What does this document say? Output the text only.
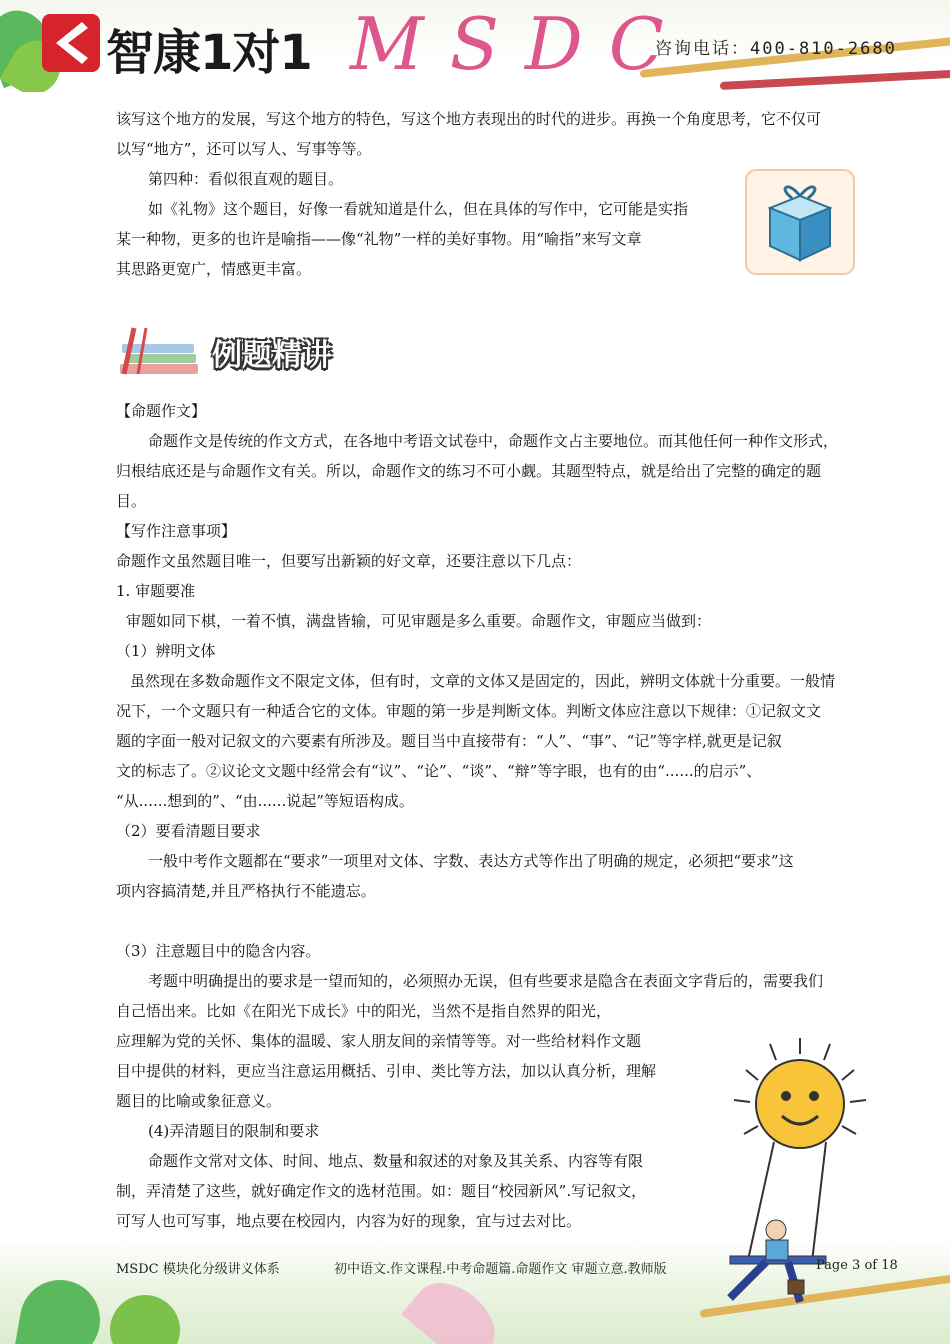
智康1对1 MSDC
咨询电话：400-810-2680

该写这个地方的发展，写这个地方的特色，写这个地方表现出的时代的进步。再换一个角度思考，它不仅可

以写“地方”，还可以写人、写事等等。

第四种：看似很直观的题目。

如《礼物》这个题目，好像一看就知道是什么，但在具体的写作中，它可能是实指

某一种物，更多的也许是喻指——像“礼物”一样的美好事物。用“喻指”来写文章

其思路更宽广，情感更丰富。

例题精讲

【命题作文】

命题作文是传统的作文方式，在各地中考语文试卷中，命题作文占主要地位。而其他任何一种作文形式，

归根结底还是与命题作文有关。所以，命题作文的练习不可小觑。其题型特点，就是给出了完整的确定的题

目。

【写作注意事项】

命题作文虽然题目唯一，但要写出新颖的好文章，还要注意以下几点：

1. 审题要准

审题如同下棋，一着不慎，满盘皆输，可见审题是多么重要。命题作文，审题应当做到：

（1）辨明文体

虽然现在多数命题作文不限定文体，但有时，文章的文体又是固定的，因此，辨明文体就十分重要。一般情

况下，一个文题只有一种适合它的文体。审题的第一步是判断文体。判断文体应注意以下规律：①记叙文文

题的字面一般对记叙文的六要素有所涉及。题目当中直接带有：“人”、“事”、“记”等字样,就更是记叙

文的标志了。②议论文文题中经常会有“议”、“论”、“谈”、“辩”等字眼，也有的由“......的启示”、

“从......想到的”、“由......说起”等短语构成。

（2）要看清题目要求

一般中考作文题都在“要求”一项里对文体、字数、表达方式等作出了明确的规定，必须把“要求”这

项内容搞清楚,并且严格执行不能遗忘。

（3）注意题目中的隐含内容。

考题中明确提出的要求是一望而知的，必须照办无误，但有些要求是隐含在表面文字背后的，需要我们

自己悟出来。比如《在阳光下成长》中的阳光，当然不是指自然界的阳光，

应理解为党的关怀、集体的温暖、家人朋友间的亲情等等。对一些给材料作文题

目中提供的材料，更应当注意运用概括、引申、类比等方法，加以认真分析，理解

题目的比喻或象征意义。

(4)弄清题目的限制和要求

命题作文常对文体、时间、地点、数量和叙述的对象及其关系、内容等有限

制，弄清楚了这些，就好确定作文的选材范围。如：题目“校园新风”.写记叙文，

可写人也可写事，地点要在校园内，内容为好的现象，宜与过去对比。

MSDC 模块化分级讲义体系	初中语文.作文课程.中考命题篇.命题作文 审题立意.教师版	Page 3 of 18
